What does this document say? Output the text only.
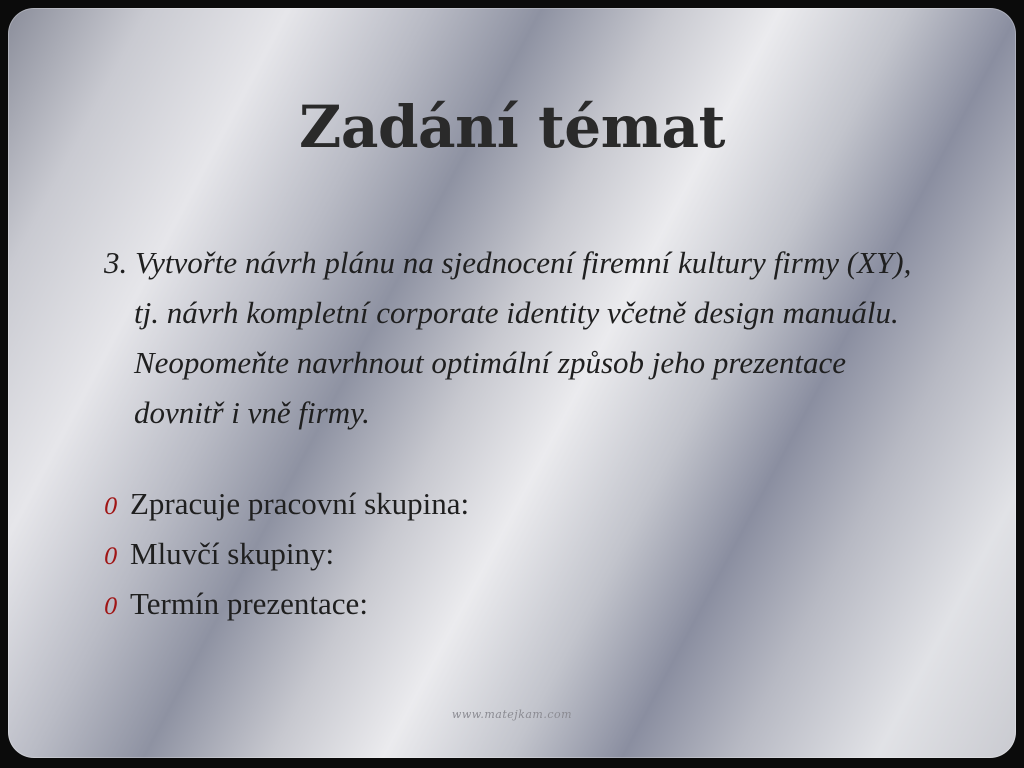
Zadání témat
3. Vytvořte návrh plánu na sjednocení firemní kultury firmy (XY), tj. návrh kompletní corporate identity včetně design manuálu. Neopomeňte navrhnout optimální způsob jeho prezentace dovnitř i vně firmy.
0 Zpracuje pracovní skupina:
0 Mluvčí skupiny:
0 Termín prezentace:
www.matejkam.com
